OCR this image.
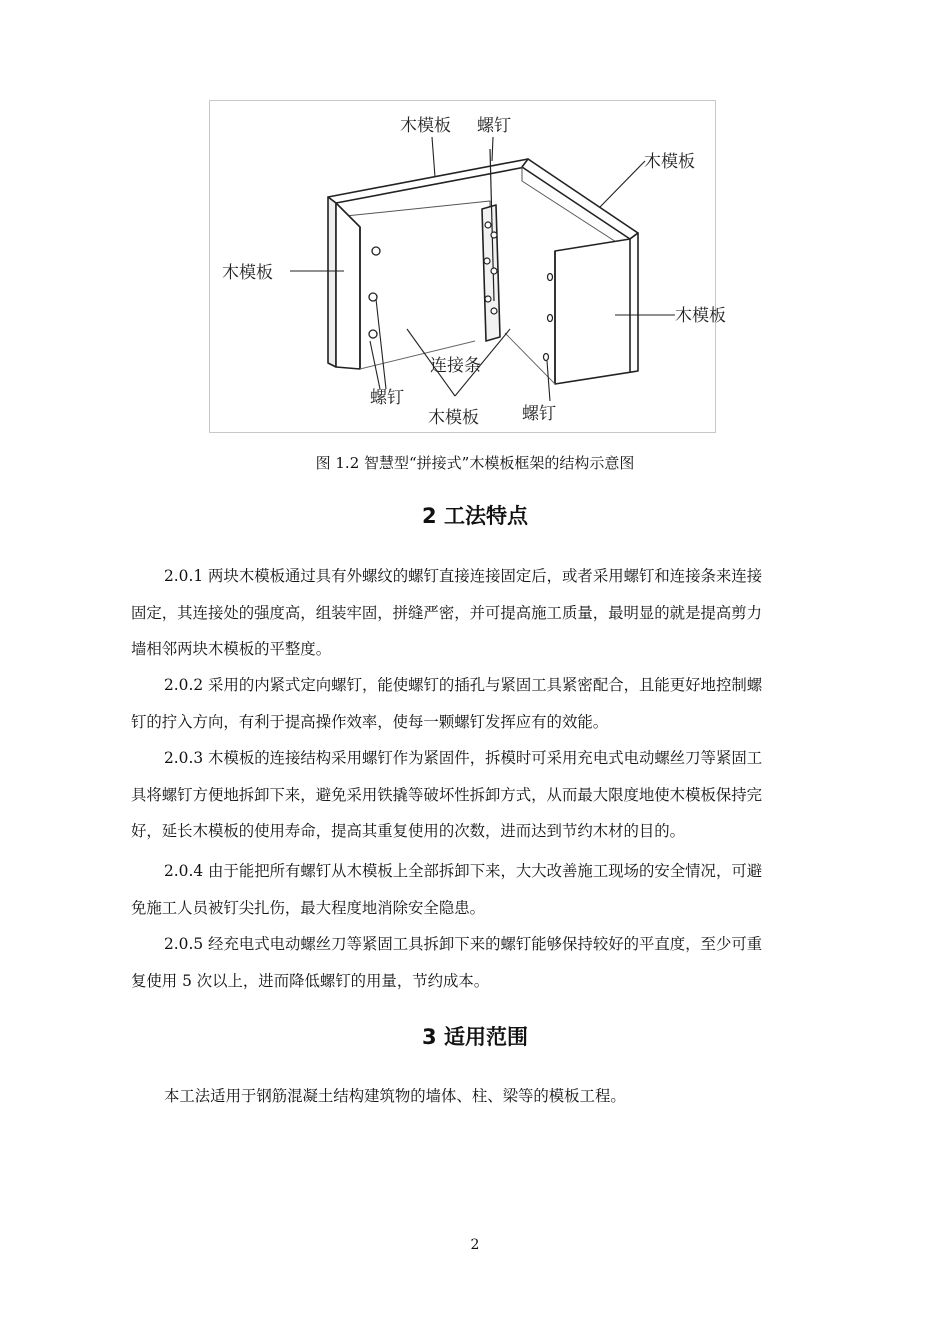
木模板 螺钉
木模板
木模板
木模板
连接条
螺钉
木模板	螺钉
图 1.2 智慧型“拼接式”木模板框架的结构示意图
2 工法特点

2.0.1 两块木模板通过具有外螺纹的螺钉直接连接固定后，或者采用螺钉和连接条来连接
固定，其连接处的强度高，组装牢固，拼缝严密，并可提高施工质量，最明显的就是提高剪力
墙相邻两块木模板的平整度。

2.0.2 采用的内紧式定向螺钉，能使螺钉的插孔与紧固工具紧密配合，且能更好地控制螺
钉的拧入方向，有利于提高操作效率，使每一颗螺钉发挥应有的效能。

2.0.3 木模板的连接结构采用螺钉作为紧固件，拆模时可采用充电式电动螺丝刀等紧固工
具将螺钉方便地拆卸下来，避免采用铁撬等破坏性拆卸方式，从而最大限度地使木模板保持完
好，延长木模板的使用寿命，提高其重复使用的次数，进而达到节约木材的目的。

2.0.4 由于能把所有螺钉从木模板上全部拆卸下来，大大改善施工现场的安全情况，可避
免施工人员被钉尖扎伤，最大程度地消除安全隐患。

2.0.5 经充电式电动螺丝刀等紧固工具拆卸下来的螺钉能够保持较好的平直度，至少可重
复使用 5 次以上，进而降低螺钉的用量，节约成本。

3 适用范围

本工法适用于钢筋混凝土结构建筑物的墙体、柱、梁等的模板工程。

2
